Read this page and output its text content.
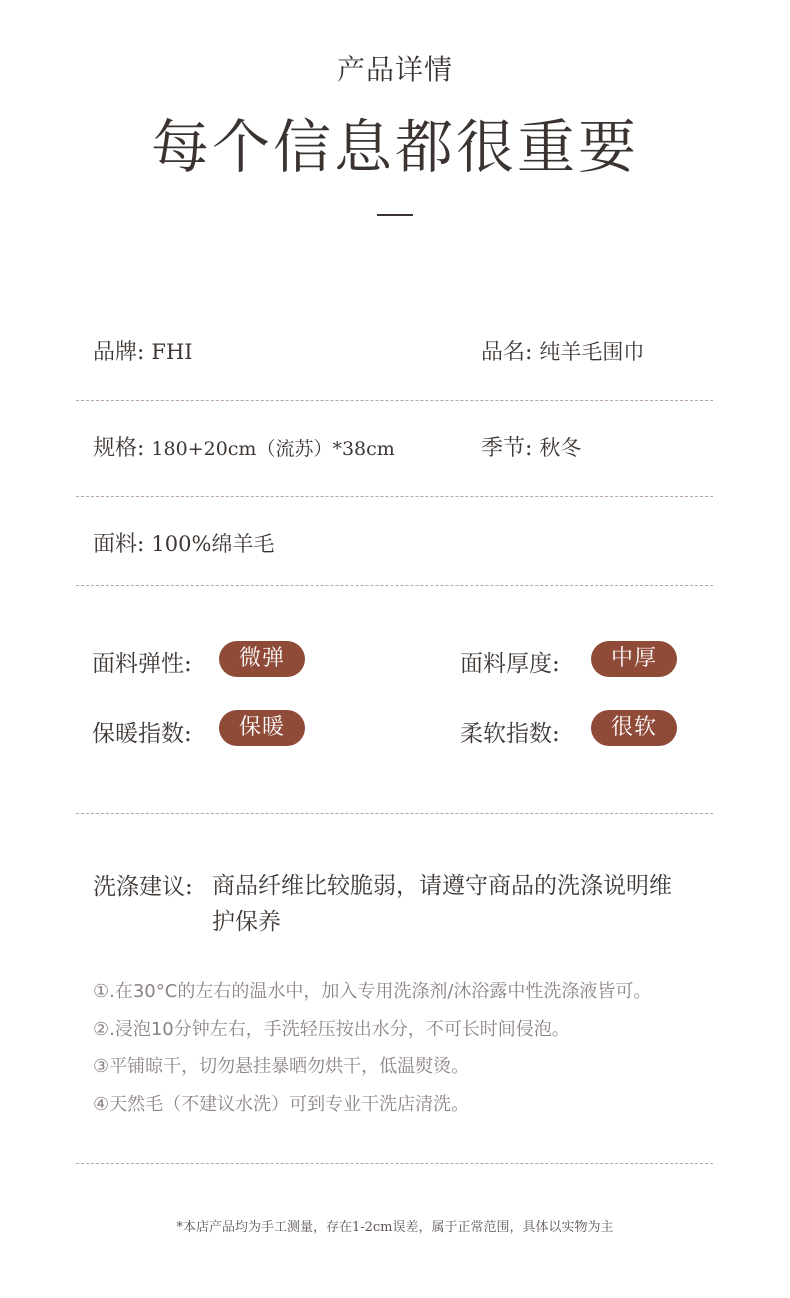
产品详情
每个信息都很重要
品牌: FHI	品名: 纯羊毛围巾
规格: 180+20cm（流苏）*38cm	季节: 秋冬
面料: 100%绵羊毛
面料弹性:	微弹	面料厚度:	中厚
保暖指数:	保暖	柔软指数:	很软
洗涤建议: 商品纤维比较脆弱，请遵守商品的洗涤说明维护保养
①.在30°C的左右的温水中，加入专用洗涤剂/沐浴露中性洗涤液皆可。
②.浸泡10分钟左右，手洗轻压按出水分，不可长时间侵泡。
③平铺晾干，切勿悬挂暴晒勿烘干，低温熨烫。
④天然毛（不建议水洗）可到专业干洗店清洗。
*本店产品均为手工测量，存在1-2cm误差，属于正常范围，具体以实物为主
